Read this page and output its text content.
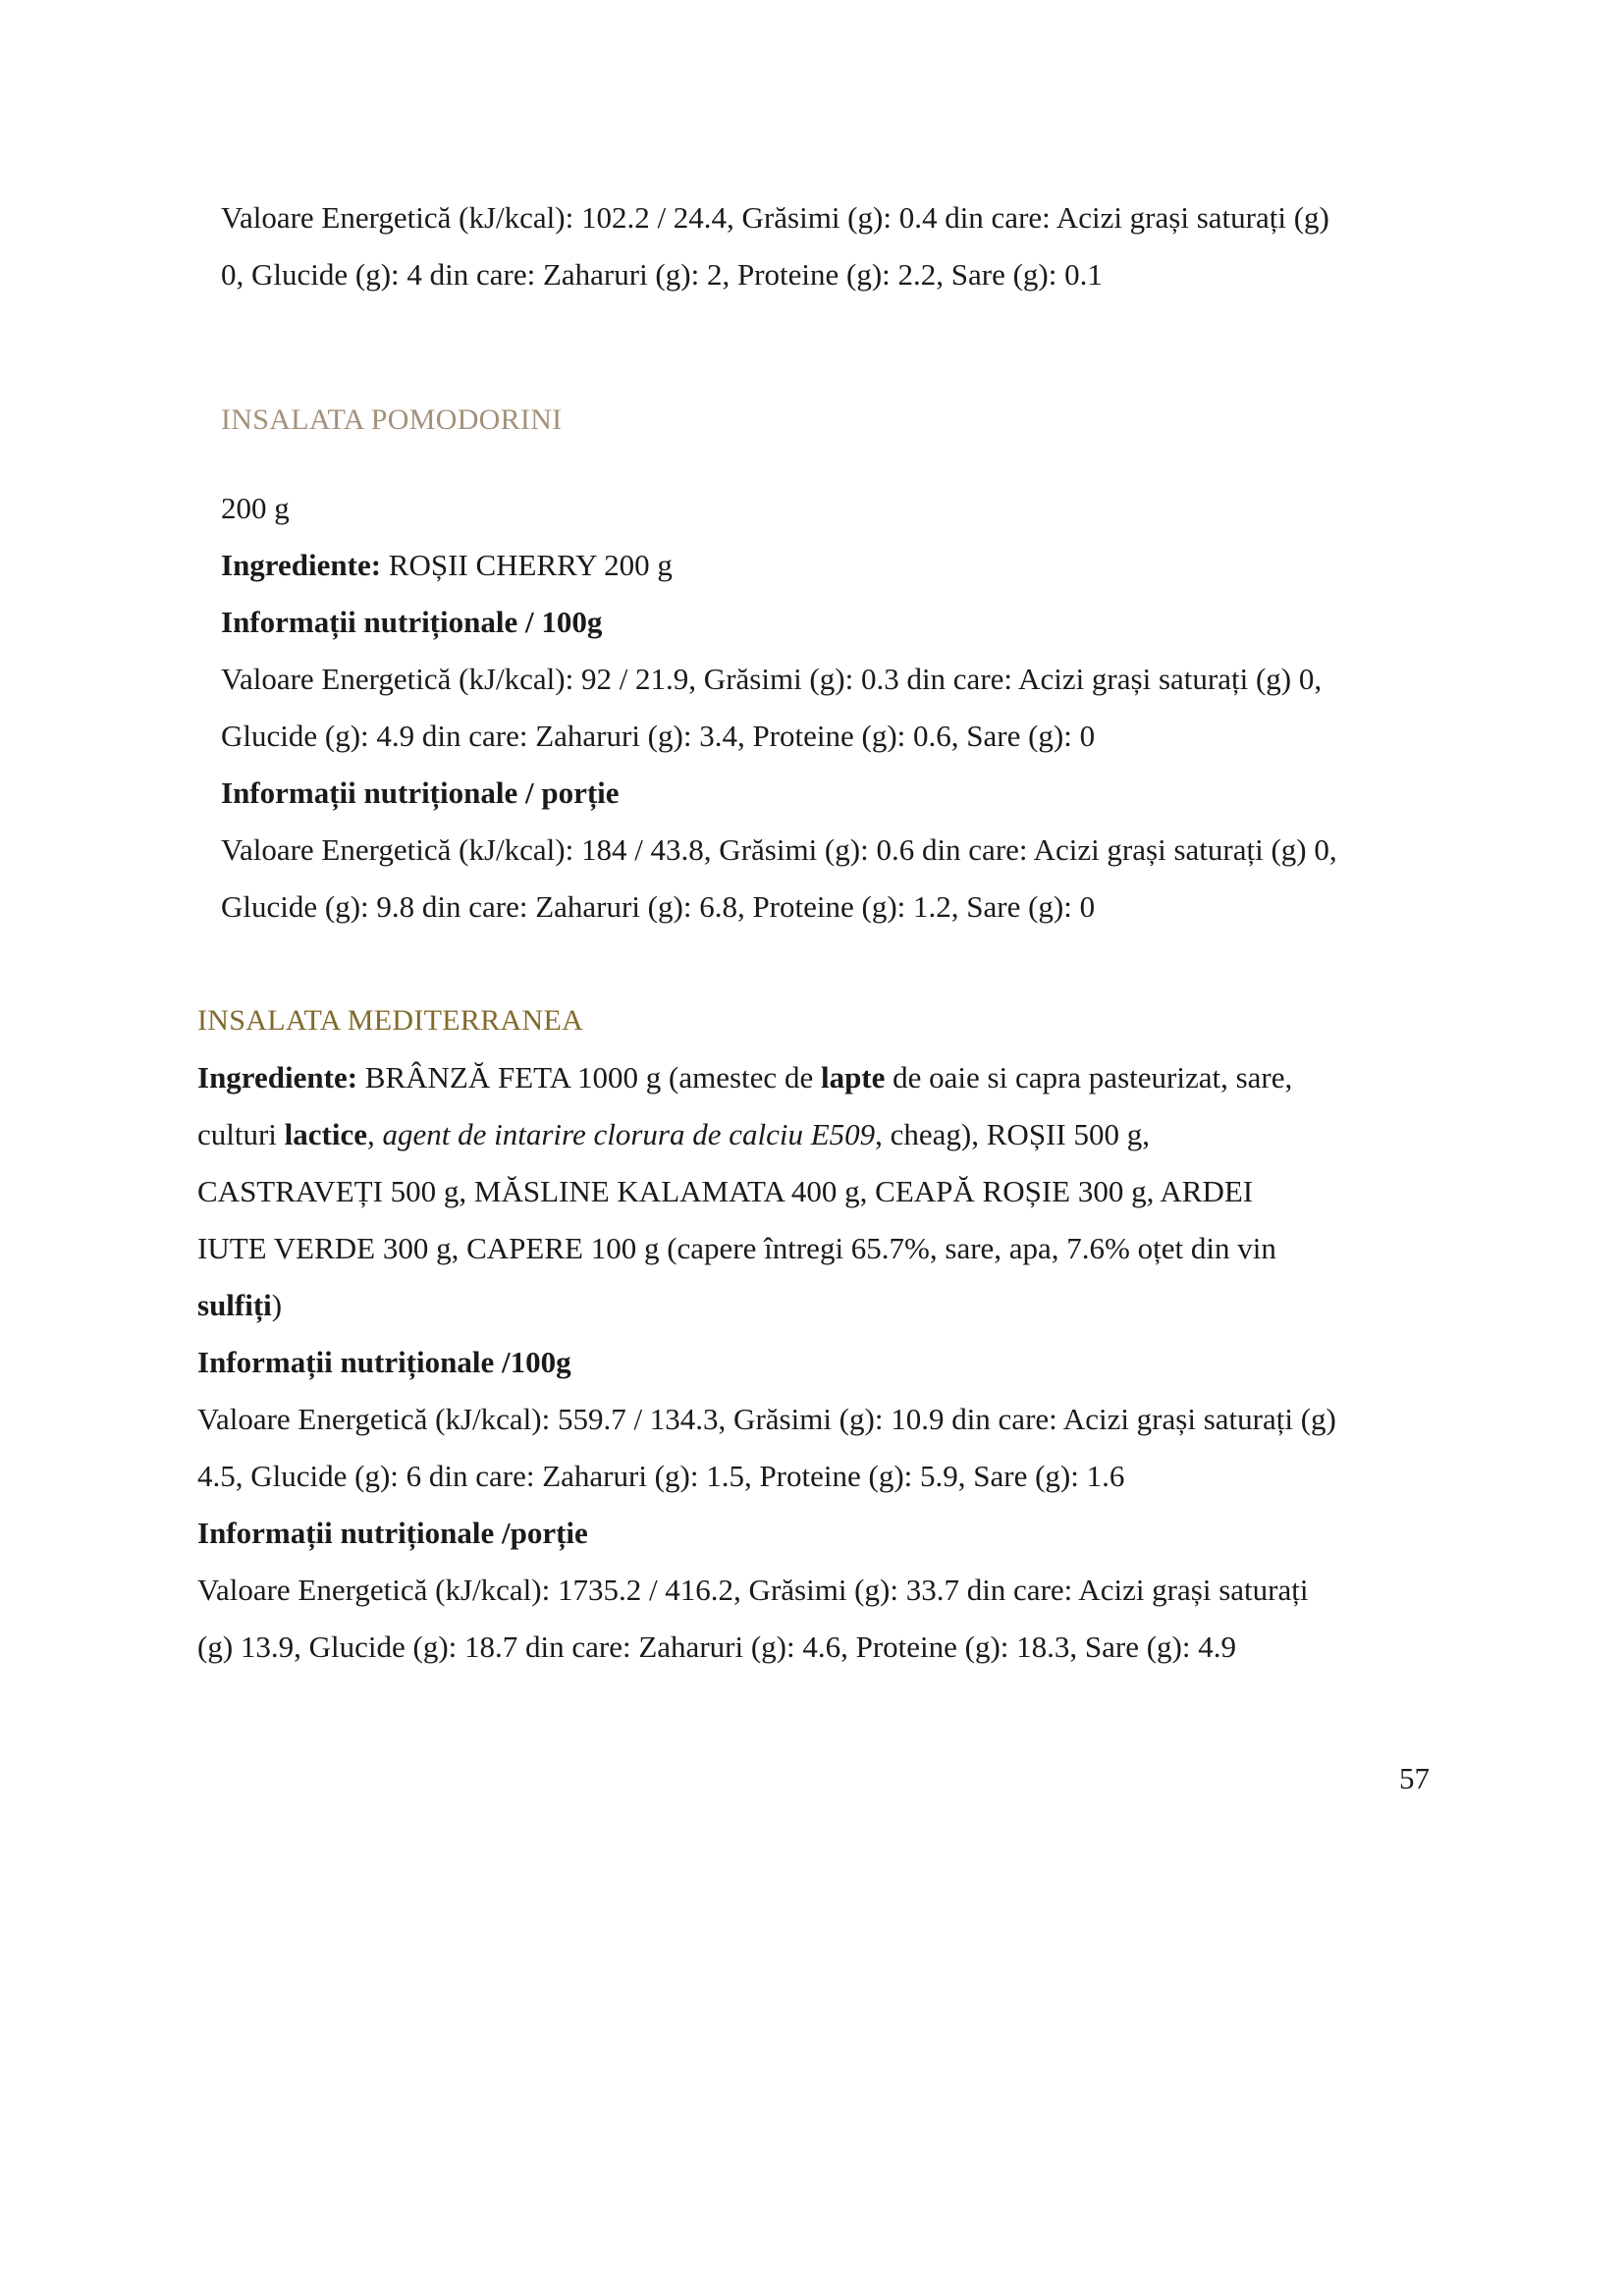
Valoare Energetică (kJ/kcal): 102.2 / 24.4, Grăsimi (g): 0.4 din care: Acizi grași saturați (g)
0, Glucide (g): 4 din care: Zaharuri (g): 2, Proteine (g): 2.2, Sare (g): 0.1
INSALATA POMODORINI
200 g
Ingrediente: ROȘII CHERRY 200 g
Informații nutriționale / 100g
Valoare Energetică (kJ/kcal): 92 / 21.9, Grăsimi (g): 0.3 din care: Acizi grași saturați (g) 0,
Glucide (g): 4.9 din care: Zaharuri (g): 3.4, Proteine (g): 0.6, Sare (g): 0
Informații nutriționale / porție
Valoare Energetică (kJ/kcal): 184 / 43.8, Grăsimi (g): 0.6 din care: Acizi grași saturați (g) 0,
Glucide (g): 9.8 din care: Zaharuri (g): 6.8, Proteine (g): 1.2, Sare (g): 0
INSALATA MEDITERRANEA
Ingrediente: BRÂNZĂ FETA 1000 g (amestec de lapte de oaie si capra pasteurizat, sare,
culturi lactice, agent de intarire clorura de calciu E509, cheag), ROȘII 500 g,
CASTRAVEȚI 500 g, MĂSLINE KALAMATA 400 g, CEAPĂ ROȘIE 300 g, ARDEI
IUTE VERDE 300 g, CAPERE 100 g (capere întregi 65.7%, sare, apa, 7.6% oțet din vin
sulfiți)
Informații nutriționale /100g
Valoare Energetică (kJ/kcal): 559.7 / 134.3, Grăsimi (g): 10.9 din care: Acizi grași saturați (g)
4.5, Glucide (g): 6 din care: Zaharuri (g): 1.5, Proteine (g): 5.9, Sare (g): 1.6
Informații nutriționale /porție
Valoare Energetică (kJ/kcal): 1735.2 / 416.2, Grăsimi (g): 33.7 din care: Acizi grași saturați
(g) 13.9, Glucide (g): 18.7 din care: Zaharuri (g): 4.6, Proteine (g): 18.3, Sare (g): 4.9
57
